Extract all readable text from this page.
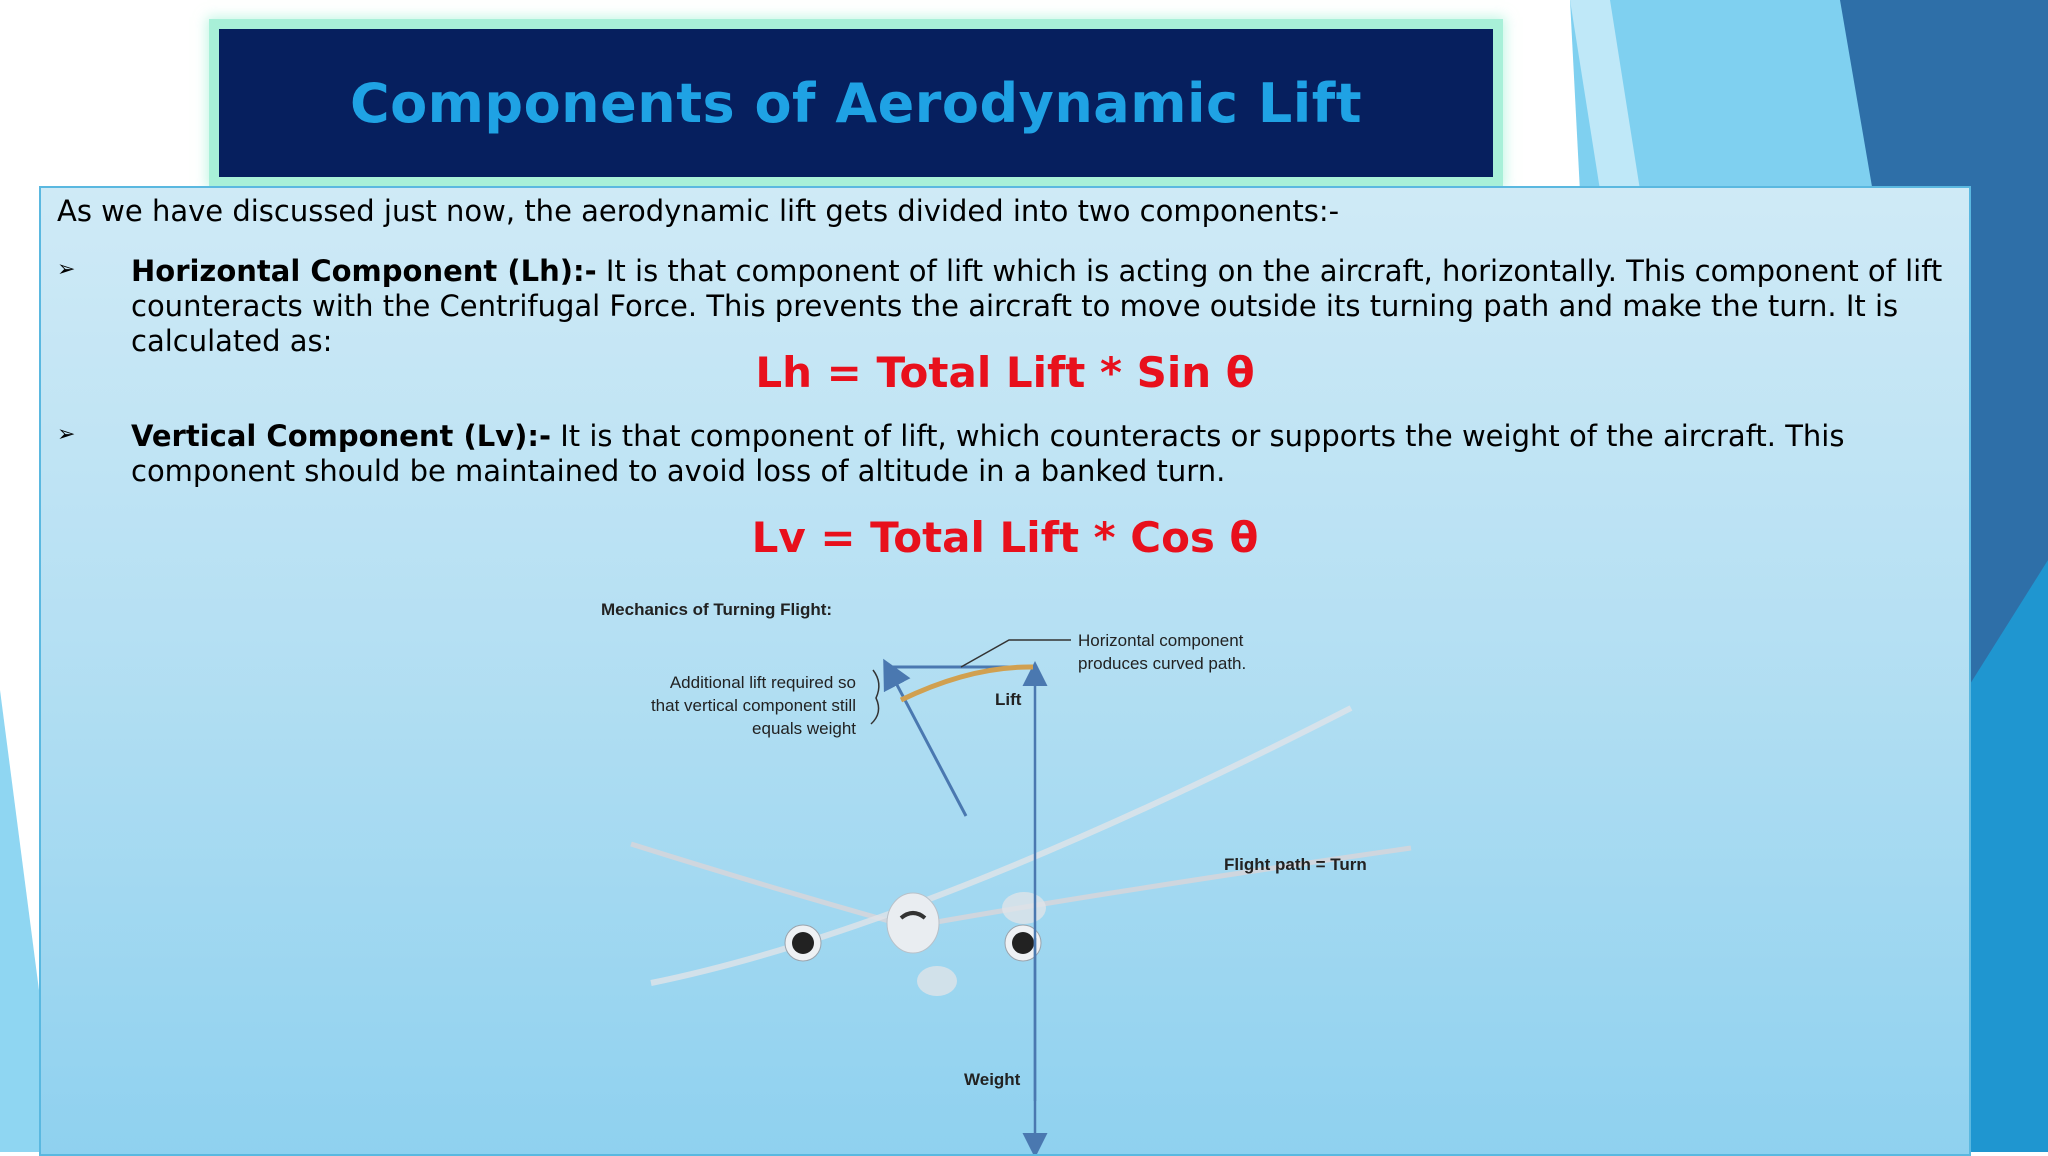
Components of Aerodynamic Lift
As we have discussed just now, the aerodynamic lift gets divided into two components:-
➢ Horizontal Component (Lh):- It is that component of lift which is acting on the aircraft, horizontally. This component of lift counteracts with the Centrifugal Force. This prevents the aircraft to move outside its turning path and make the turn. It is calculated as:
Lh = Total Lift * Sin θ
➢ Vertical Component (Lv):- It is that component of lift, which counteracts or supports the weight of the aircraft. This component should be maintained to avoid loss of altitude in a banked turn.
Lv = Total Lift * Cos θ
Mechanics of Turning Flight:
Horizontal component
produces curved path.
Additional lift required so
that vertical component still
equals weight
Lift
Flight path = Turn
Weight
